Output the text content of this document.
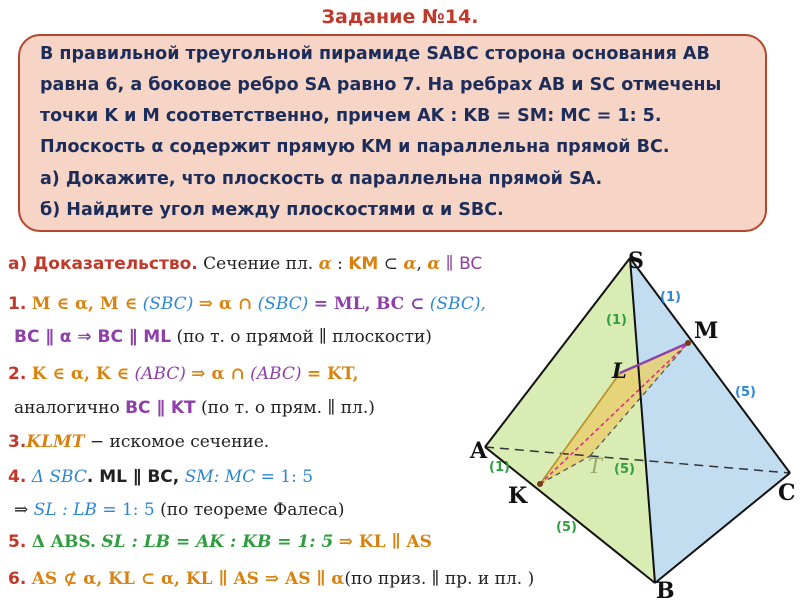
Задание №14.
В правильной треугольной пирамиде SABC сторона основания AB
равна 6, а боковое ребро SA равно 7. На ребрах AB и SC отмечены
точки K и M соответственно, причем AK : KB = SM: MC = 1: 5.
Плоскость α содержит прямую KM и параллельна прямой BC.
а) Докажите, что плоскость α параллельна прямой SA.
б) Найдите угол между плоскостями α и SBC.
S
A
B
C
M
K
L
T
(1)
(5)
(1)
(5)
(1)
(5)
а) Доказательство. Сечение пл. α : KM ⊂ α, α ∥ BC
1. M ∈ α, M ∈ (SBC) ⇒ α ∩ (SBC) = ML, BC ⊂ (SBC),
BC ∥ α ⇒ BC ∥ ML (по т. о прямой ∥ плоскости)
2. K ∈ α, K ∈ (ABC) ⇒ α ∩ (ABC) = KT,
аналогично BC ∥ KT (по т. о прям. ∥ пл.)
3.KLMT − искомое сечение.
4. Δ SBC. ML ∥ BC, SM: MC = 1: 5
⇒ SL : LB = 1: 5 (по теореме Фалеса)
5. Δ ABS. SL : LB = AK : KB = 1: 5 ⇒ KL ∥ AS
6. AS ⊄ α, KL ⊂ α, KL ∥ AS ⇒ AS ∥ α(по приз. ∥ пр. и пл. )
